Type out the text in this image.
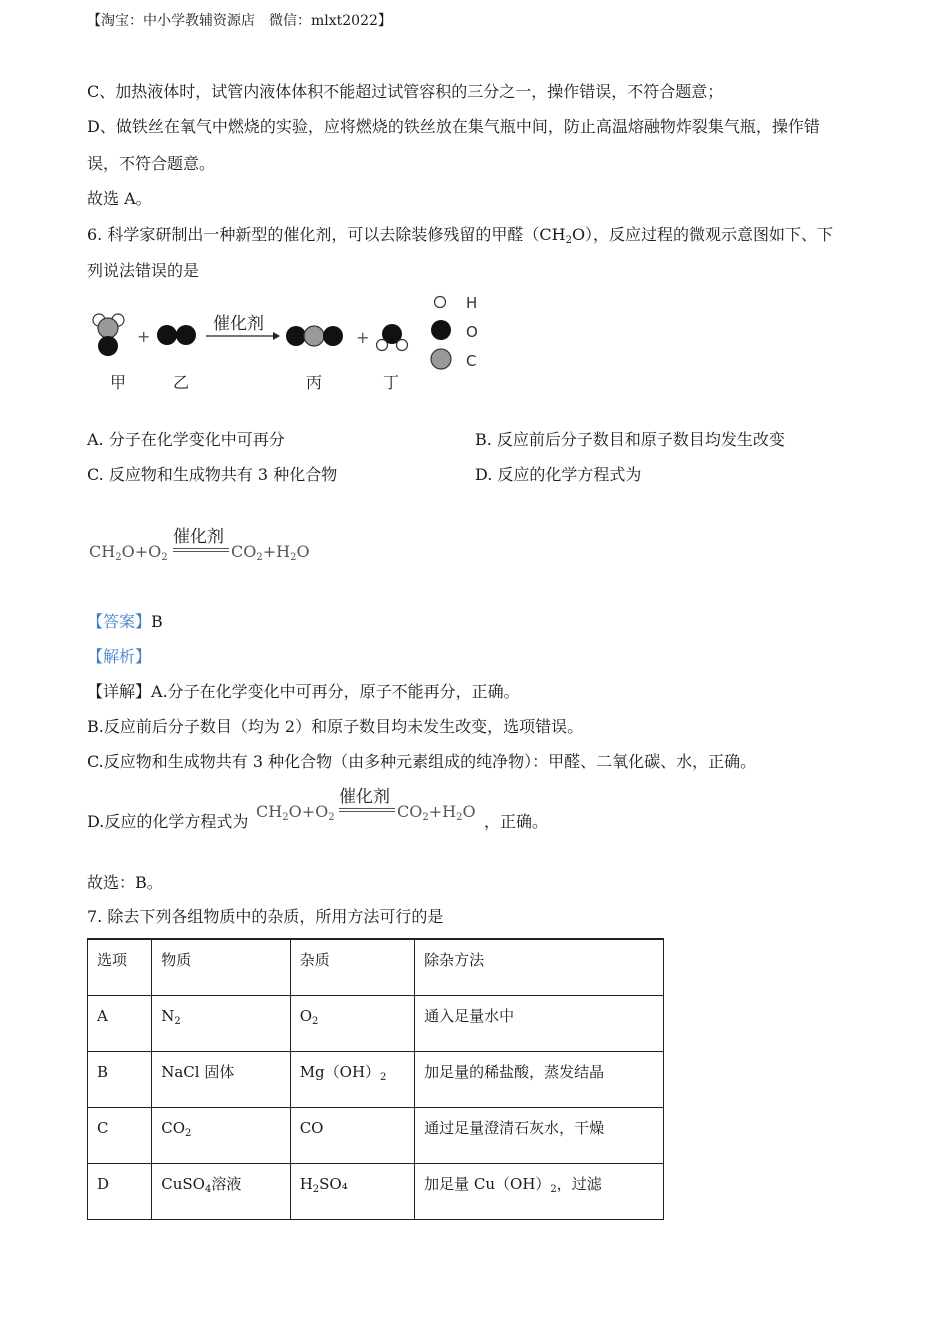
【淘宝：中小学教辅资源店　微信：mlxt2022】
C、加热液体时，试管内液体体积不能超过试管容积的三分之一，操作错误，不符合题意；
D、做铁丝在氧气中燃烧的实验，应将燃烧的铁丝放在集气瓶中间，防止高温熔融物炸裂集气瓶，操作错
误，不符合题意。
故选 A。
6. 科学家研制出一种新型的催化剂，可以去除装修残留的甲醛$(CH_2O)$，反应过程的微观示意图如下、下
列说法错误的是
+
催化剂
+
H
O
C
甲	乙	丙	丁
A. 分子在化学变化中可再分	B. 反应前后分子数目和原子数目均发生改变
C. 反应物和生成物共有 3 种化合物	D. 反应的化学方程式为
$CH_2O+O_2$
催化剂
$CO_2+H_2O$
【答案】B
【解析】
【详解】A.分子在化学变化中可再分，原子不能再分，正确。
B.反应前后分子数目（均为 2）和原子数目均未发生改变，选项错误。
C.反应物和生成物共有 3 种化合物（由多种元素组成的纯净物）：甲醛、二氧化碳、水，正确。
D.反应的化学方程式为
$CH_2O+O_2$
催化剂
$CO_2+H_2O$
，正确。
故选：B。
7. 除去下列各组物质中的杂质，所用方法可行的是
选项	物质	杂质	除杂方法
A	$N_2$	$O_2$	通入足量水中
B	NaCl 固体	$Mg(OH)_2$	加足量的稀盐酸，蒸发结晶
C	$CO_2$	CO	通过足量澄清石灰水，干燥
D	CuSO$_4$溶液	$H_2SO_4$	加足量 $Cu(OH)_2$，过滤
